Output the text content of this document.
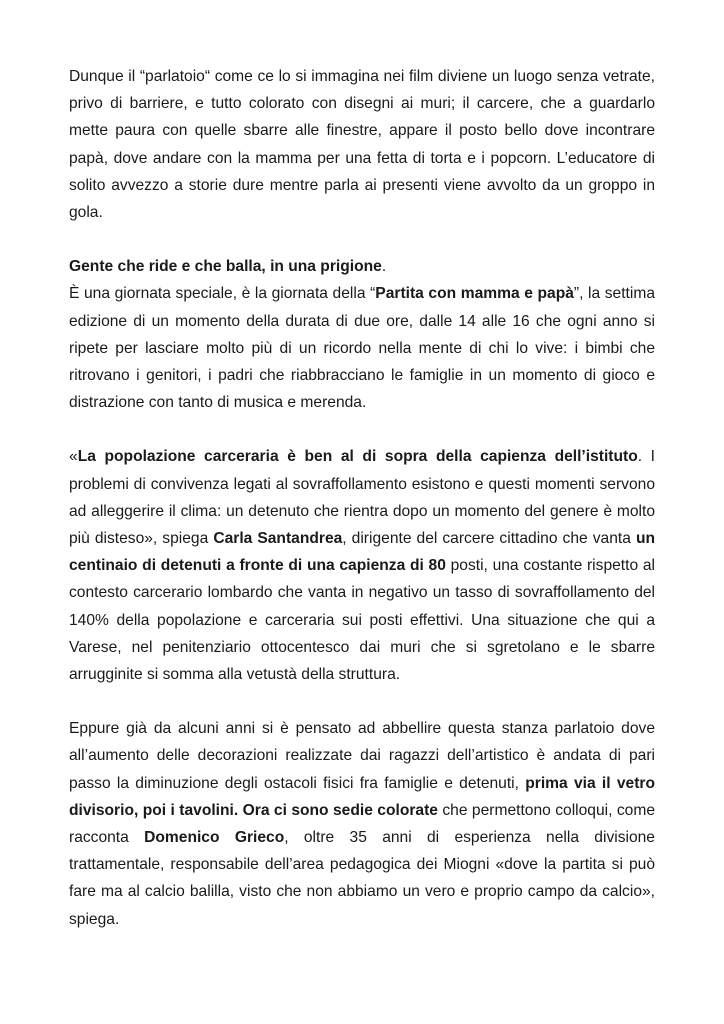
Dunque il “parlatoio“ come ce lo si immagina nei film diviene un luogo senza vetrate, privo di barriere, e tutto colorato con disegni ai muri; il carcere, che a guardarlo mette paura con quelle sbarre alle finestre, appare il posto bello dove incontrare papà, dove andare con la mamma per una fetta di torta e i popcorn. L’educatore di solito avvezzo a storie dure mentre parla ai presenti viene avvolto da un groppo in gola.

Gente che ride e che balla, in una prigione.
È una giornata speciale, è la giornata della “Partita con mamma e papà”, la settima edizione di un momento della durata di due ore, dalle 14 alle 16 che ogni anno si ripete per lasciare molto più di un ricordo nella mente di chi lo vive: i bimbi che ritrovano i genitori, i padri che riabbracciano le famiglie in un momento di gioco e distrazione con tanto di musica e merenda.

«La popolazione carceraria è ben al di sopra della capienza dell’istituto. I problemi di convivenza legati al sovraffollamento esistono e questi momenti servono ad alleggerire il clima: un detenuto che rientra dopo un momento del genere è molto più disteso», spiega Carla Santandrea, dirigente del carcere cittadino che vanta un centinaio di detenuti a fronte di una capienza di 80 posti, una costante rispetto al contesto carcerario lombardo che vanta in negativo un tasso di sovraffollamento del 140% della popolazione e carceraria sui posti effettivi. Una situazione che qui a Varese, nel penitenziario ottocentesco dai muri che si sgretolano e le sbarre arrugginite si somma alla vetustà della struttura.

Eppure già da alcuni anni si è pensato ad abbellire questa stanza parlatoio dove all’aumento delle decorazioni realizzate dai ragazzi dell’artistico è andata di pari passo la diminuzione degli ostacoli fisici fra famiglie e detenuti, prima via il vetro divisorio, poi i tavolini. Ora ci sono sedie colorate che permettono colloqui, come racconta Domenico Grieco, oltre 35 anni di esperienza nella divisione trattamentale, responsabile dell’area pedagogica dei Miogni «dove la partita si può fare ma al calcio balilla, visto che non abbiamo un vero e proprio campo da calcio», spiega.
